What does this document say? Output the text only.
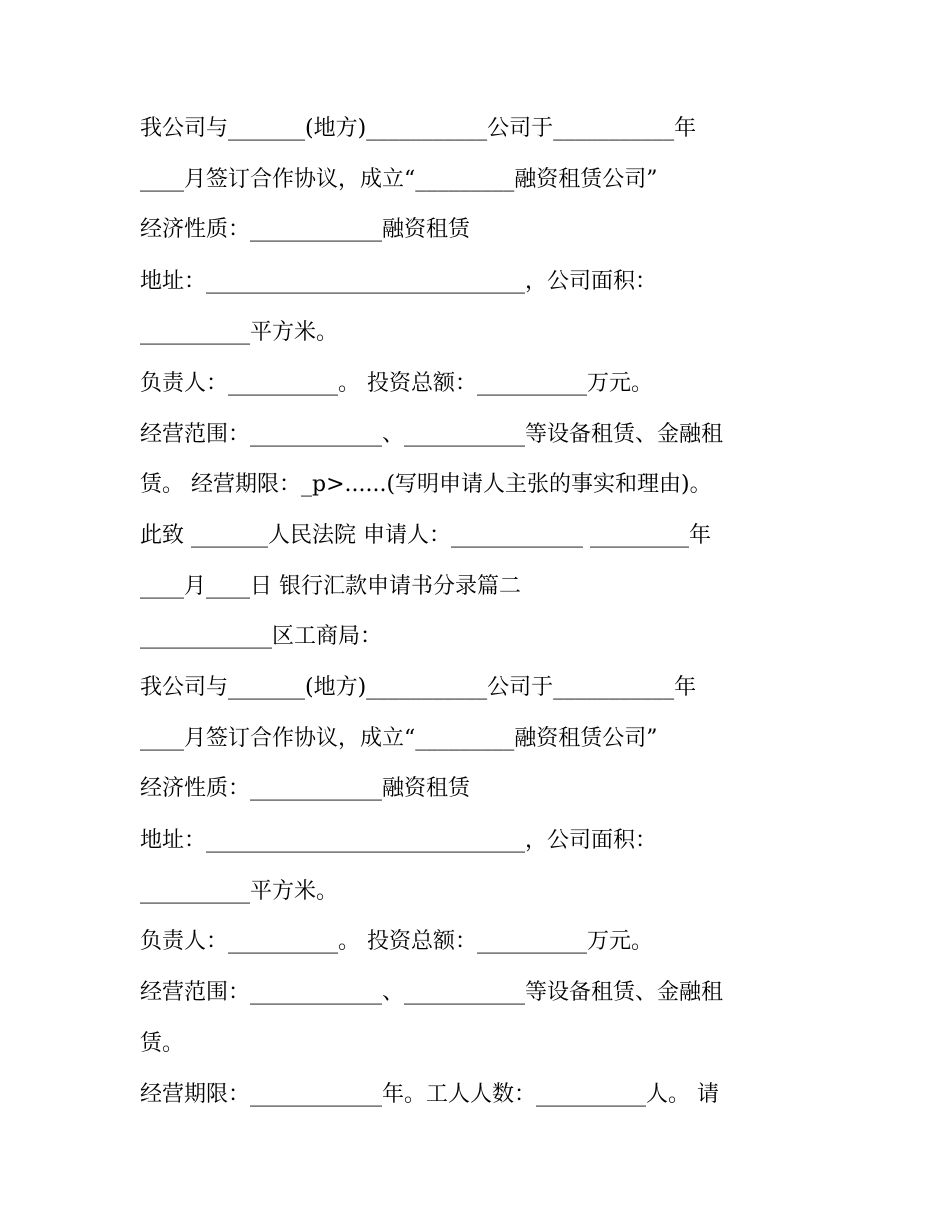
我公司与_______(地方)___________公司于___________年
____月签订合作协议，成立“_________融资租赁公司”
经济性质：____________融资租赁
地址：_____________________________，公司面积：
__________平方米。
负责人：__________。 投资总额：__________万元。
经营范围：____________、___________等设备租赁、金融租
赁。 经营期限：_p>......(写明申请人主张的事实和理由)。
此致 _______人民法院 申请人：____________ _________年
____月____日 银行汇款申请书分录篇二
____________区工商局：
我公司与_______(地方)___________公司于___________年
____月签订合作协议，成立“_________融资租赁公司”
经济性质：____________融资租赁
地址：_____________________________，公司面积：
__________平方米。
负责人：__________。 投资总额：__________万元。
经营范围：____________、___________等设备租赁、金融租
赁。
经营期限：____________年。工人人数：__________人。 请
